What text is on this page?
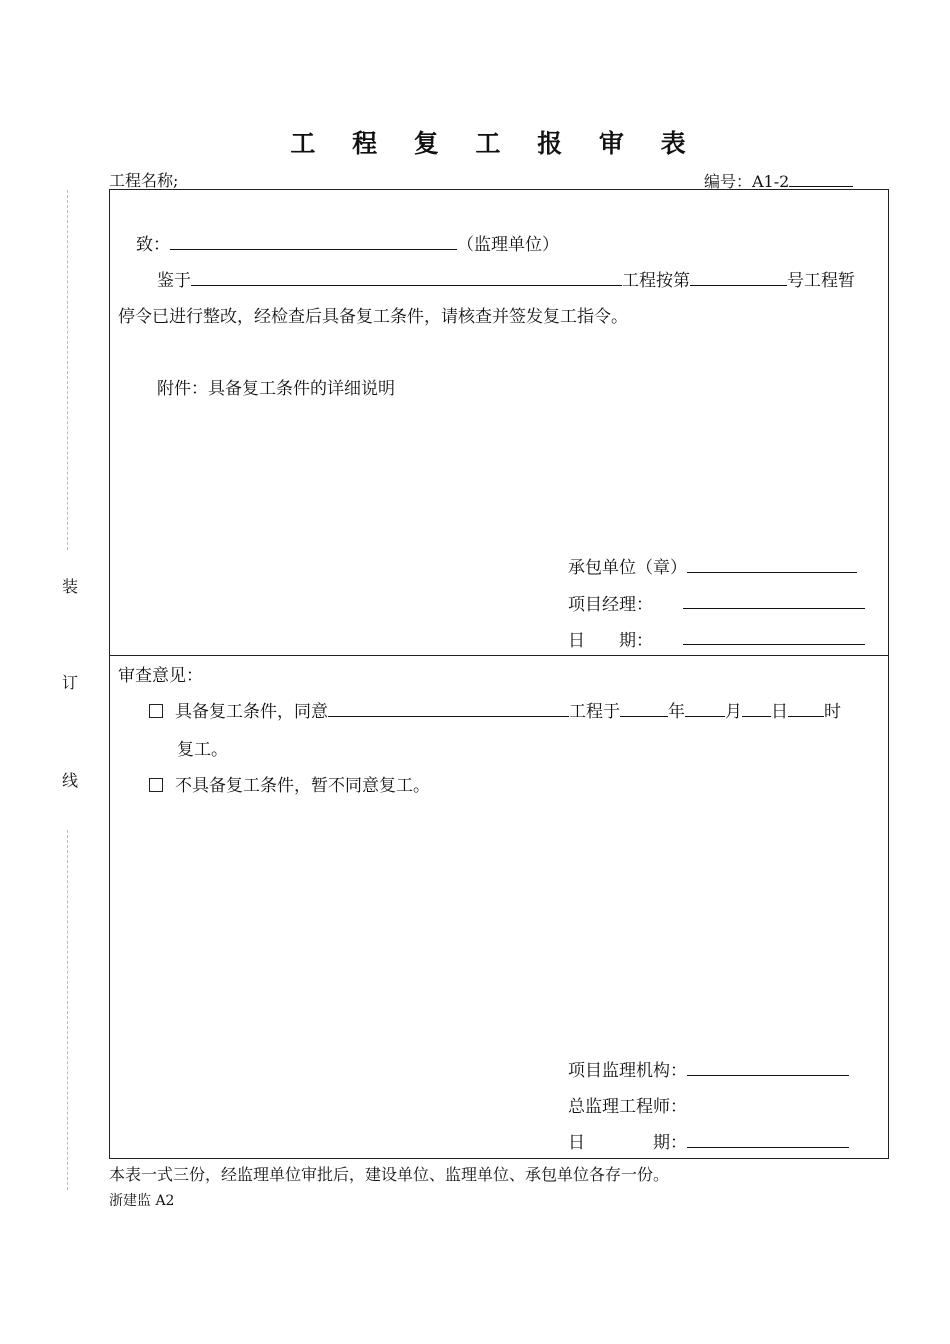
工 程 复 工 报 审 表
工程名称;	编号：A1-2
装
订
线
致：	（监理单位）
鉴于	工程按第	号工程暂
停令已进行整改，经检查后具备复工条件，请核查并签发复工指令。
附件：具备复工条件的详细说明
承包单位（章）
项目经理：
日　　期：
审查意见：
具备复工条件，同意	工程于	年 月 日 时
复工。
不具备复工条件，暂不同意复工。
项目监理机构：
总监理工程师：
日　　　　期：
本表一式三份，经监理单位审批后，建设单位、监理单位、承包单位各存一份。
浙建监 A2
